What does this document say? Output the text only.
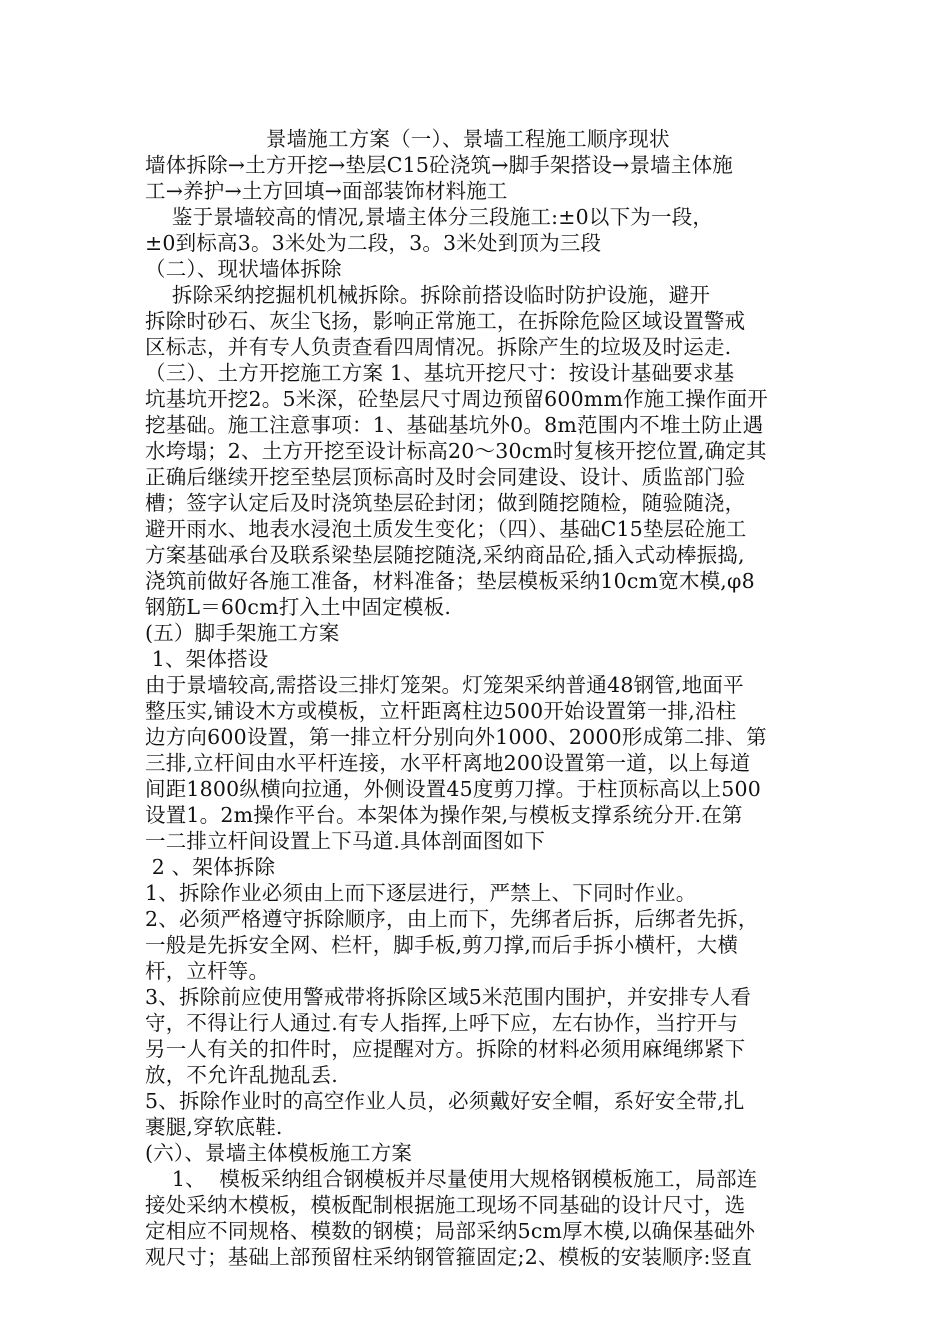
景墙施工方案（一）、景墙工程施工顺序现状
墙体拆除→土方开挖→垫层C15砼浇筑→脚手架搭设→景墙主体施
工→养护→土方回填→面部装饰材料施工
鉴于景墙较高的情况,景墙主体分三段施工:±0以下为一段，
±0到标高3。3米处为二段，3。3米处到顶为三段
（二）、现状墙体拆除
拆除采纳挖掘机机械拆除。拆除前搭设临时防护设施，避开
拆除时砂石、灰尘飞扬，影响正常施工，在拆除危险区域设置警戒
区标志，并有专人负责查看四周情况。拆除产生的垃圾及时运走.
（三）、土方开挖施工方案 1、基坑开挖尺寸：按设计基础要求基
坑基坑开挖2。5米深，砼垫层尺寸周边预留600mm作施工操作面开
挖基础。施工注意事项：1、基础基坑外0。8m范围内不堆土防止遇
水垮塌；2、土方开挖至设计标高20～30cm时复核开挖位置,确定其
正确后继续开挖至垫层顶标高时及时会同建设、设计、质监部门验
槽；签字认定后及时浇筑垫层砼封闭；做到随挖随检，随验随浇，
避开雨水、地表水浸泡土质发生变化；（四）、基础C15垫层砼施工
方案基础承台及联系梁垫层随挖随浇,采纳商品砼,插入式动棒振捣,
浇筑前做好各施工准备，材料准备；垫层模板采纳10cm宽木模,φ8
钢筋L＝60cm打入土中固定模板.
(五）脚手架施工方案
1、架体搭设
由于景墙较高,需搭设三排灯笼架。灯笼架采纳普通48钢管,地面平
整压实,铺设木方或模板，立杆距离柱边500开始设置第一排,沿柱
边方向600设置，第一排立杆分别向外1000、2000形成第二排、第
三排,立杆间由水平杆连接，水平杆离地200设置第一道，以上每道
间距1800纵横向拉通，外侧设置45度剪刀撑。于柱顶标高以上500
设置1。2m操作平台。本架体为操作架,与模板支撑系统分开.在第
一二排立杆间设置上下马道.具体剖面图如下
2 、架体拆除
1、拆除作业必须由上而下逐层进行，严禁上、下同时作业。
2、必须严格遵守拆除顺序，由上而下，先绑者后拆，后绑者先拆，
一般是先拆安全网、栏杆，脚手板,剪刀撑,而后手拆小横杆，大横
杆，立杆等。
3、拆除前应使用警戒带将拆除区域5米范围内围护，并安排专人看
守，不得让行人通过.有专人指挥,上呼下应，左右协作，当拧开与
另一人有关的扣件时，应提醒对方。拆除的材料必须用麻绳绑紧下
放，不允许乱抛乱丢.
5、拆除作业时的高空作业人员，必须戴好安全帽，系好安全带,扎
裹腿,穿软底鞋.
(六）、景墙主体模板施工方案
1、  模板采纳组合钢模板并尽量使用大规格钢模板施工，局部连
接处采纳木模板，模板配制根据施工现场不同基础的设计尺寸，选
定相应不同规格、模数的钢模；局部采纳5cm厚木模,以确保基础外
观尺寸；基础上部预留柱采纳钢管箍固定;2、模板的安装顺序:竖直
